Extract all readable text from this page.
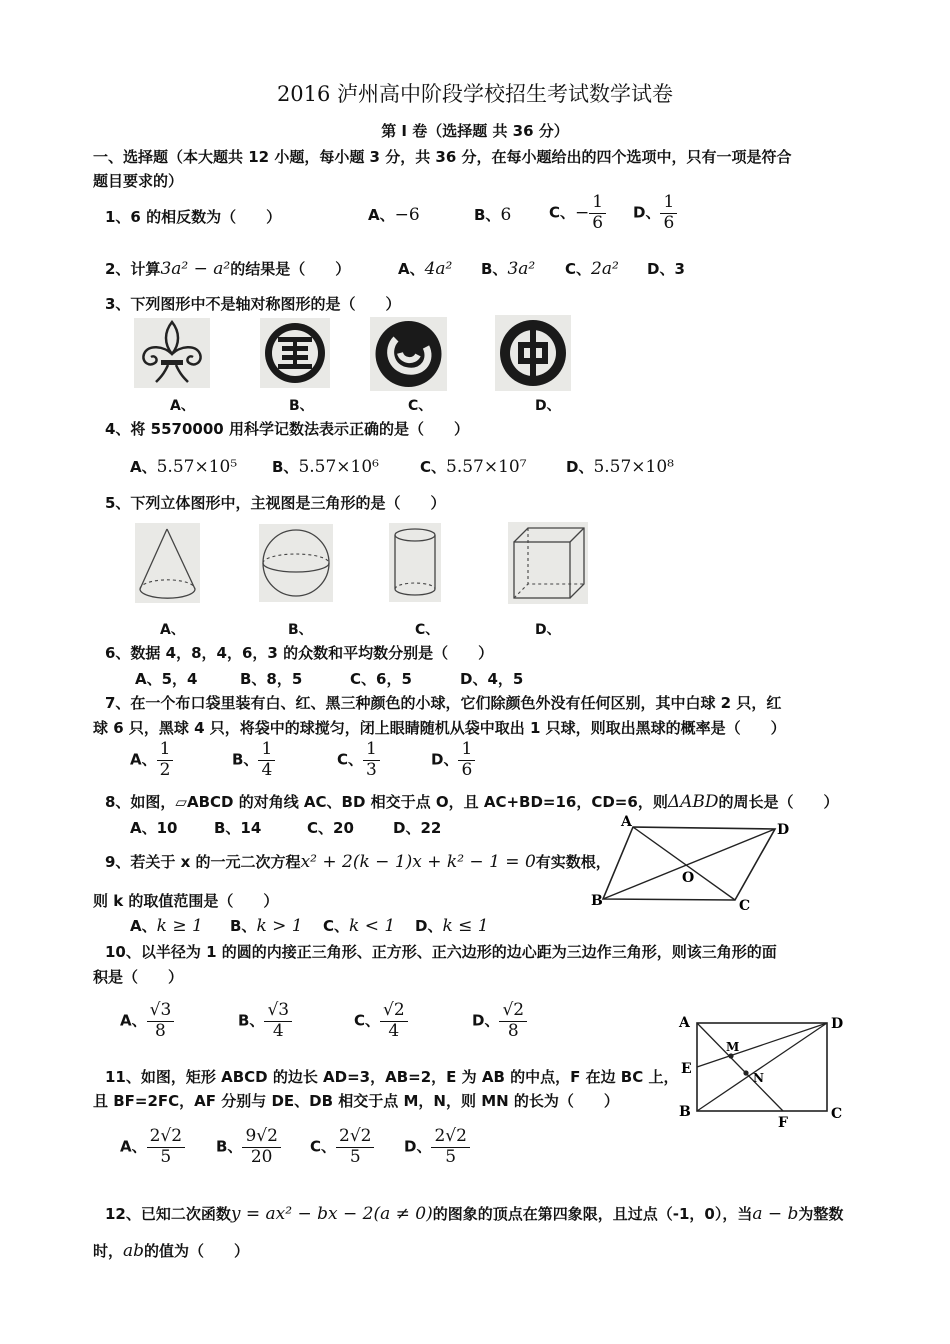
2016 泸州高中阶段学校招生考试数学试卷
第 I 卷（选择题 共 36 分）
一、选择题（本大题共 12 小题，每小题 3 分，共 36 分，在每小题给出的四个选项中，只有一项是符合
题目要求的）
1、6 的相反数为（　　）	A、−6	B、6	C、− $\frac{1}{6}$ D、 $\frac{1}{6}$
2、计算3a² − a²的结果是（　　）	A、4a² B、3a² C、2a² D、3
3、下列图形中不是轴对称图形的是（　　）
A、	B、	C、	D、
4、将 5570000 用科学记数法表示正确的是（　　）
A、5.57×10⁵ B、5.57×10⁶	C、5.57×10⁷	D、5.57×10⁸
5、下列立体图形中，主视图是三角形的是（　　）
A、	B、	C、	D、
6、数据 4，8，4，6，3 的众数和平均数分别是（　　）
A、5，4	B、8，5	C、6，5	D、4，5
7、在一个布口袋里装有白、红、黑三种颜色的小球，它们除颜色外没有任何区别，其中白球 2 只，红
球 6 只，黑球 4 只，将袋中的球搅匀，闭上眼睛随机从袋中取出 1 只球，则取出黑球的概率是（　　）
A、 $\frac{1}{2}$	B、 $\frac{1}{4}$	C、 $\frac{1}{3}$	D、 $\frac{1}{6}$
8、如图，▱ABCD 的对角线 AC、BD 相交于点 O，且 AC+BD=16，CD=6，则ΔABD的周长是（　　）
A、10 B、14	C、20	D、22	A	D
B	C
O
9、若关于 x 的一元二次方程x² + 2(k − 1)x + k² − 1 = 0有实数根，
则 k 的取值范围是（　　）
A、k ≥ 1 B、k > 1 C、k < 1 D、k ≤ 1
10、以半径为 1 的圆的内接正三角形、正方形、正六边形的边心距为三边作三角形，则该三角形的面
积是（　　）
A、 $\frac{√3}{8}$	B、 $\frac{√3}{4}$	C、 $\frac{√2}{4}$	D、 $\frac{√2}{8}$	A	D
E
B	C
F
M
N
11、如图，矩形 ABCD 的边长 AD=3，AB=2，E 为 AB 的中点，F 在边 BC 上，
且 BF=2FC，AF 分别与 DE、DB 相交于点 M，N，则 MN 的长为（　　）
A、 $\frac{2√2}{5}$ B、 $\frac{9√2}{20}$ C、 $\frac{2√2}{5}$ D、 $\frac{2√2}{5}$
12、已知二次函数y = ax² − bx − 2(a ≠ 0)的图象的顶点在第四象限，且过点（-1，0），当a − b为整数
时，ab的值为（　　）
